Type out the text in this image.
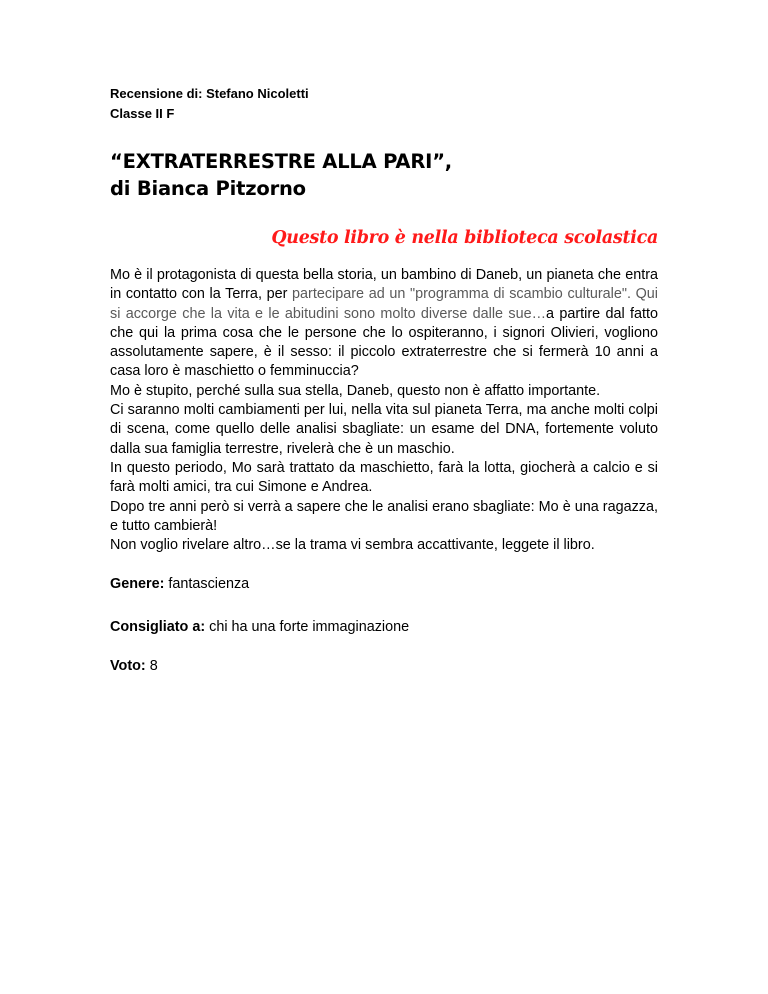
Recensione di: Stefano Nicoletti

Classe II F

“EXTRATERRESTRE ALLA PARI”,
di Bianca Pitzorno
Questo libro è nella biblioteca scolastica

Mo è il protagonista di questa bella storia, un bambino di Daneb, un pianeta che entra in contatto con la Terra, per partecipare ad un "programma di scambio culturale". Qui si accorge che la vita e le abitudini sono molto diverse dalle sue…a partire dal fatto che qui la prima cosa che le persone che lo ospiteranno, i signori Olivieri, vogliono assolutamente sapere, è il sesso: il piccolo extraterrestre che si fermerà 10 anni a casa loro è maschietto o femminuccia?

Mo è stupito, perché sulla sua stella, Daneb, questo non è affatto importante.

Ci saranno molti cambiamenti per lui, nella vita sul pianeta Terra, ma anche molti colpi di scena, come quello delle analisi sbagliate: un esame del DNA, fortemente voluto dalla sua famiglia terrestre, rivelerà che è un maschio.

In questo periodo, Mo sarà trattato da maschietto, farà la lotta, giocherà a calcio e si farà molti amici, tra cui Simone e Andrea.

Dopo tre anni però si verrà a sapere che le analisi erano sbagliate: Mo è una ragazza, e tutto cambierà!

Non voglio rivelare altro…se la trama vi sembra accattivante, leggete il libro.

Genere: fantascienza

Consigliato a: chi ha una forte immaginazione

Voto: 8
